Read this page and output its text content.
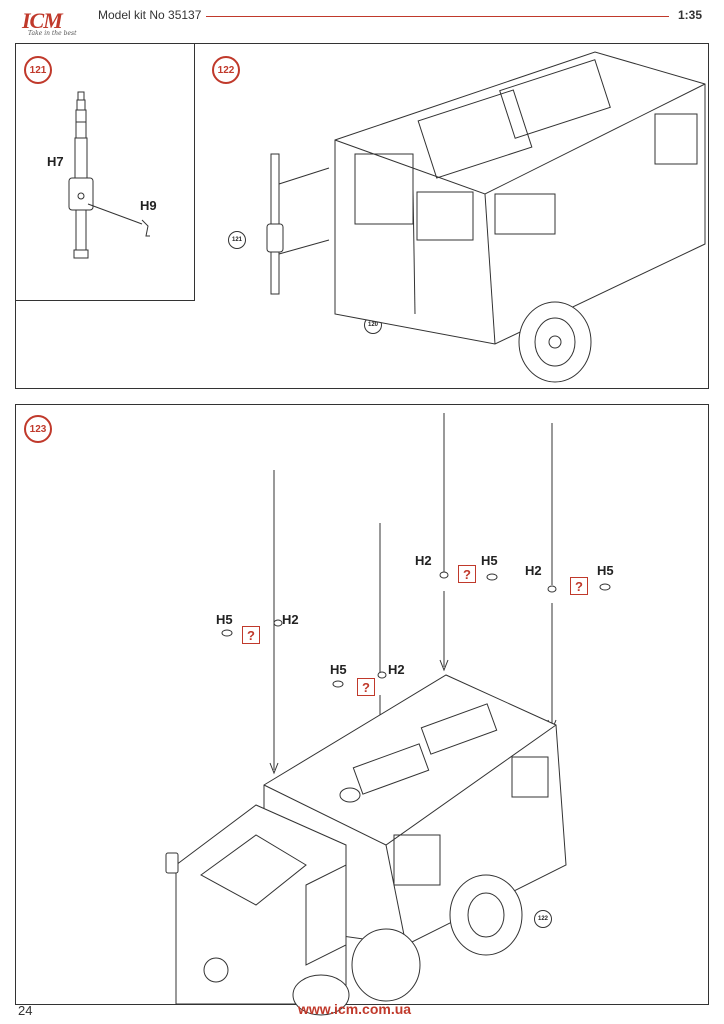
ICM
Take in the best
Model kit No 35137	1:35
121
H7
H9
122
121
120
123
H5	H2
?
H5	H2
?
H2	H5
?	H2	H5
?
122
24	www.icm.com.ua
